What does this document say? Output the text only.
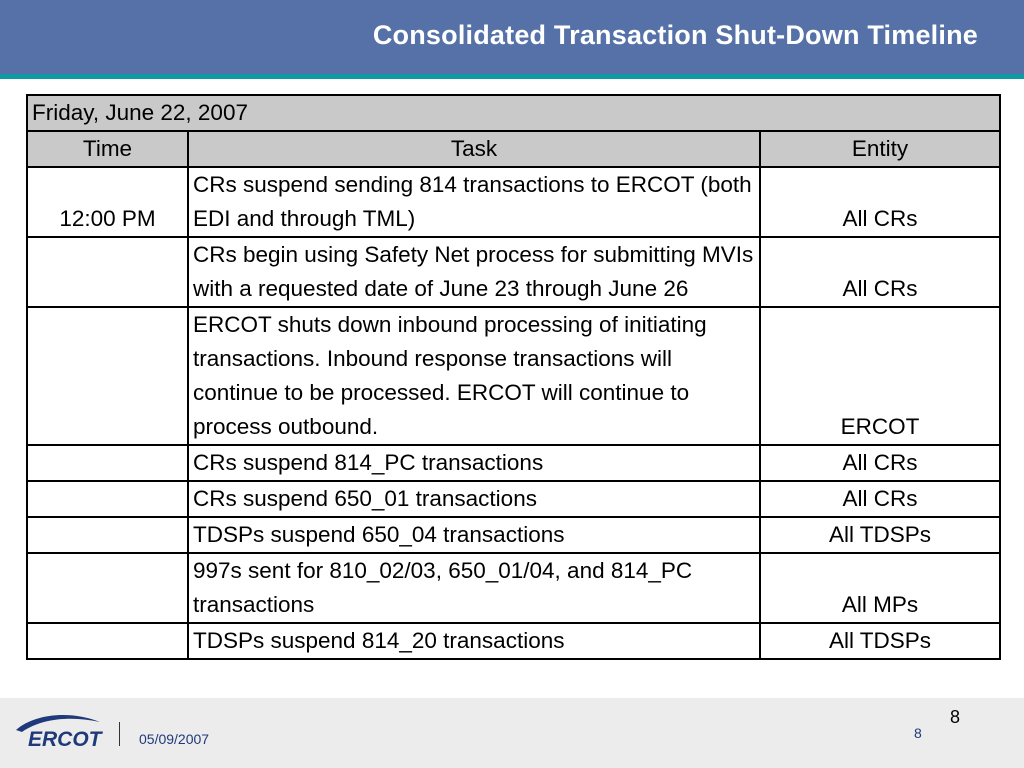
Consolidated Transaction Shut-Down Timeline
Friday, June 22, 2007		
Time	Task	Entity
12:00 PM	CRs suspend sending 814 transactions to ERCOT (both EDI and through TML)	All CRs
	CRs begin using Safety Net process for submitting MVIs with a requested date of June 23 through June 26	All CRs
	ERCOT shuts down inbound processing of initiating transactions. Inbound response transactions will continue to be processed. ERCOT will continue to process outbound.	ERCOT
	CRs suspend 814_PC transactions	All CRs
	CRs suspend 650_01 transactions	All CRs
	TDSPs suspend 650_04 transactions	All TDSPs
	997s sent for 810_02/03, 650_01/04, and 814_PC transactions	All MPs
	TDSPs suspend 814_20 transactions	All TDSPs
ERCOT	05/09/2007
8
8
